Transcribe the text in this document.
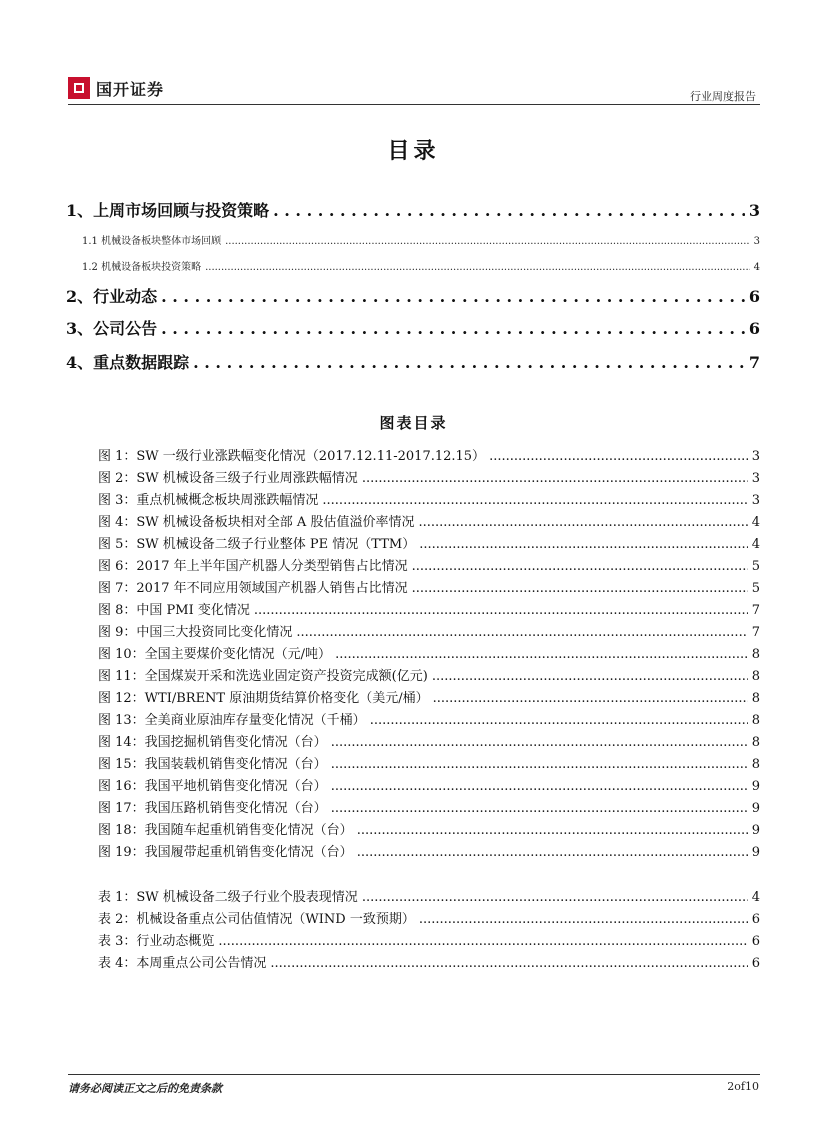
国开证券	行业周度报告
目录
1、上周市场回顾与投资策略 . . .	3
1.1 机械设备板块整体市场回顾 .....	3
1.2 机械设备板块投资策略 .....	4
2、行业动态 . . .	6
3、公司公告 . . .	6
4、重点数据跟踪 . . .	7
图表目录
图 1：SW 一级行业涨跌幅变化情况（2017.12.11-2017.12.15） .....	3
图 2：SW 机械设备三级子行业周涨跌幅情况 .....	3
图 3：重点机械概念板块周涨跌幅情况 .....	3
图 4：SW 机械设备板块相对全部 A 股估值溢价率情况 .....	4
图 5：SW 机械设备二级子行业整体 PE 情况（TTM） .....	4
图 6：2017 年上半年国产机器人分类型销售占比情况 .....	5
图 7：2017 年不同应用领域国产机器人销售占比情况 .....	5
图 8：中国 PMI 变化情况 .....	7
图 9：中国三大投资同比变化情况 .....	7
图 10：全国主要煤价变化情况（元/吨） .....	8
图 11：全国煤炭开采和洗选业固定资产投资完成额(亿元) .....	8
图 12：WTI/BRENT 原油期货结算价格变化（美元/桶） .....	8
图 13：全美商业原油库存量变化情况（千桶） .....	8
图 14：我国挖掘机销售变化情况（台） .....	8
图 15：我国装载机销售变化情况（台） .....	8
图 16：我国平地机销售变化情况（台） .....	9
图 17：我国压路机销售变化情况（台） .....	9
图 18：我国随车起重机销售变化情况（台） .....	9
图 19：我国履带起重机销售变化情况（台） .....	9
表 1：SW 机械设备二级子行业个股表现情况 .....	4
表 2：机械设备重点公司估值情况（WIND 一致预期） .....	6
表 3：行业动态概览 .....	6
表 4：本周重点公司公告情况 .....	6
请务必阅读正文之后的免责条款	2of10
